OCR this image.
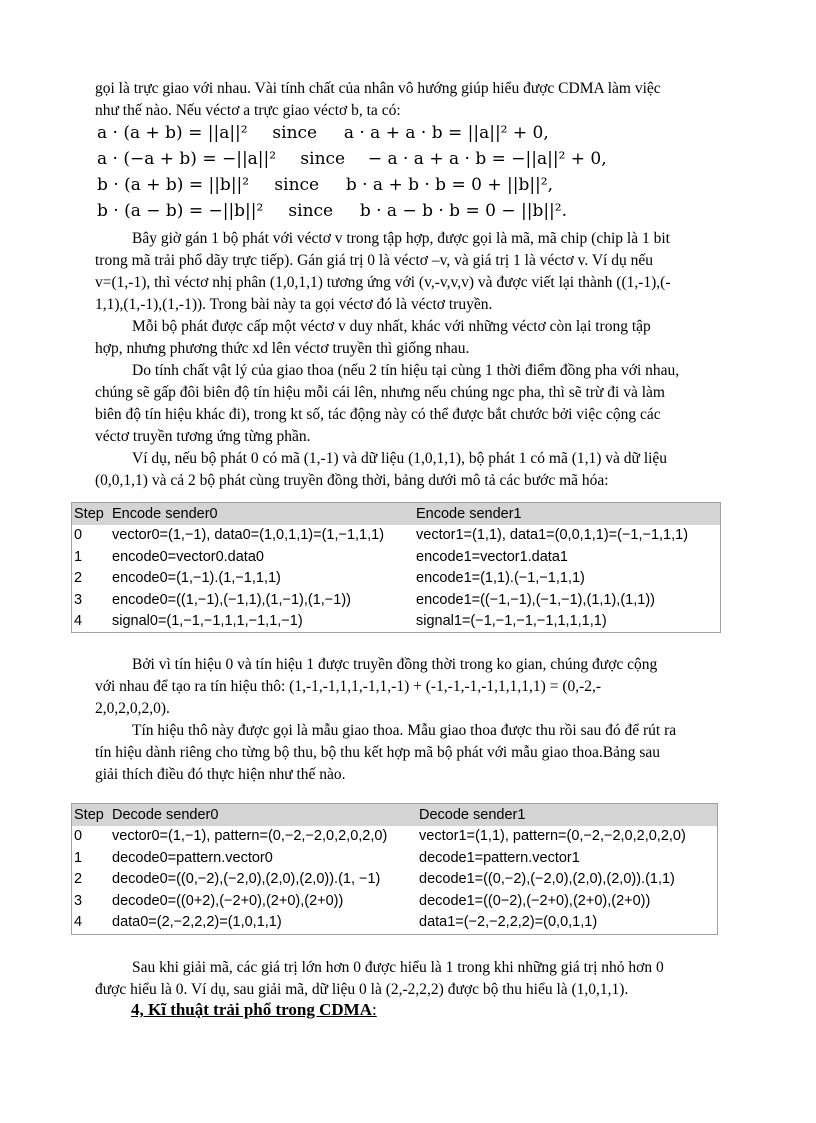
gọi là trực giao với nhau. Vài tính chất của nhân vô hướng giúp hiểu được CDMA làm việc
như thế nào. Nếu véctơ a trực giao véctơ b, ta có:
a · (a + b) = ||a||² since a · a + a · b = ||a||² + 0,
a · (−a + b) = −||a||² since − a · a + a · b = −||a||² + 0,
b · (a + b) = ||b||² since b · a + b · b = 0 + ||b||²,
b · (a − b) = −||b||² since b · a − b · b = 0 − ||b||².
Bây giờ gán 1 bộ phát với véctơ v trong tập hợp, được gọi là mã, mã chip (chip là 1 bit
trong mã trải phổ dãy trực tiếp). Gán giá trị 0 là véctơ –v, và giá trị 1 là véctơ v. Ví dụ nếu
v=(1,-1), thì véctơ nhị phân (1,0,1,1) tương ứng với (v,-v,v,v) và được viết lại thành ((1,-1),(-
1,1),(1,-1),(1,-1)). Trong bài này ta gọi véctơ đó là véctơ truyền.
Mỗi bộ phát được cấp một véctơ v duy nhất, khác với những véctơ còn lại trong tập
hợp, nhưng phương thức xd lên véctơ truyền thì giống nhau.
Do tính chất vật lý của giao thoa (nếu 2 tín hiệu tại cùng 1 thời điểm đồng pha với nhau,
chúng sẽ gấp đôi biên độ tín hiệu mỗi cái lên, nhưng nếu chúng ngc pha, thì sẽ trừ đi và làm
biên độ tín hiệu khác đi), trong kt số, tác động này có thể được bắt chước bởi việc cộng các
véctơ truyền tương ứng từng phần.
Ví dụ, nếu bộ phát 0 có mã (1,-1) và dữ liệu (1,0,1,1), bộ phát 1 có mã (1,1) và dữ liệu
(0,0,1,1) và cả 2 bộ phát cùng truyền đồng thời, bảng dưới mô tả các bước mã hóa:
Step	Encode sender0	Encode sender1
0	vector0=(1,−1), data0=(1,0,1,1)=(1,−1,1,1)	vector1=(1,1), data1=(0,0,1,1)=(−1,−1,1,1)
1	encode0=vector0.data0	encode1=vector1.data1
2	encode0=(1,−1).(1,−1,1,1)	encode1=(1,1).(−1,−1,1,1)
3	encode0=((1,−1),(−1,1),(1,−1),(1,−1))	encode1=((−1,−1),(−1,−1),(1,1),(1,1))
4	signal0=(1,−1,−1,1,1,−1,1,−1)	signal1=(−1,−1,−1,−1,1,1,1,1)
Bởi vì tín hiệu 0 và tín hiệu 1 được truyền đồng thời trong ko gian, chúng được cộng
với nhau để tạo ra tín hiệu thô: (1,-1,-1,1,1,-1,1,-1) + (-1,-1,-1,-1,1,1,1,1) = (0,-2,-
2,0,2,0,2,0).
Tín hiệu thô này được gọi là mẫu giao thoa. Mẫu giao thoa được thu rồi sau đó để rút ra
tín hiệu dành riêng cho từng bộ thu, bộ thu kết hợp mã bộ phát với mẫu giao thoa.Bảng sau
giải thích điều đó thực hiện như thế nào.
Step	Decode sender0	Decode sender1
0	vector0=(1,−1), pattern=(0,−2,−2,0,2,0,2,0)	vector1=(1,1), pattern=(0,−2,−2,0,2,0,2,0)
1	decode0=pattern.vector0	decode1=pattern.vector1
2	decode0=((0,−2),(−2,0),(2,0),(2,0)).(1, −1)	decode1=((0,−2),(−2,0),(2,0),(2,0)).(1,1)
3	decode0=((0+2),(−2+0),(2+0),(2+0))	decode1=((0−2),(−2+0),(2+0),(2+0))
4	data0=(2,−2,2,2)=(1,0,1,1)	data1=(−2,−2,2,2)=(0,0,1,1)
Sau khi giải mã, các giá trị lớn hơn 0 được hiểu là 1 trong khi những giá trị nhỏ hơn 0
được hiểu là 0. Ví dụ, sau giải mã, dữ liệu 0 là (2,-2,2,2) được bộ thu hiểu là (1,0,1,1).
4, Kĩ thuật trải phổ trong CDMA:
